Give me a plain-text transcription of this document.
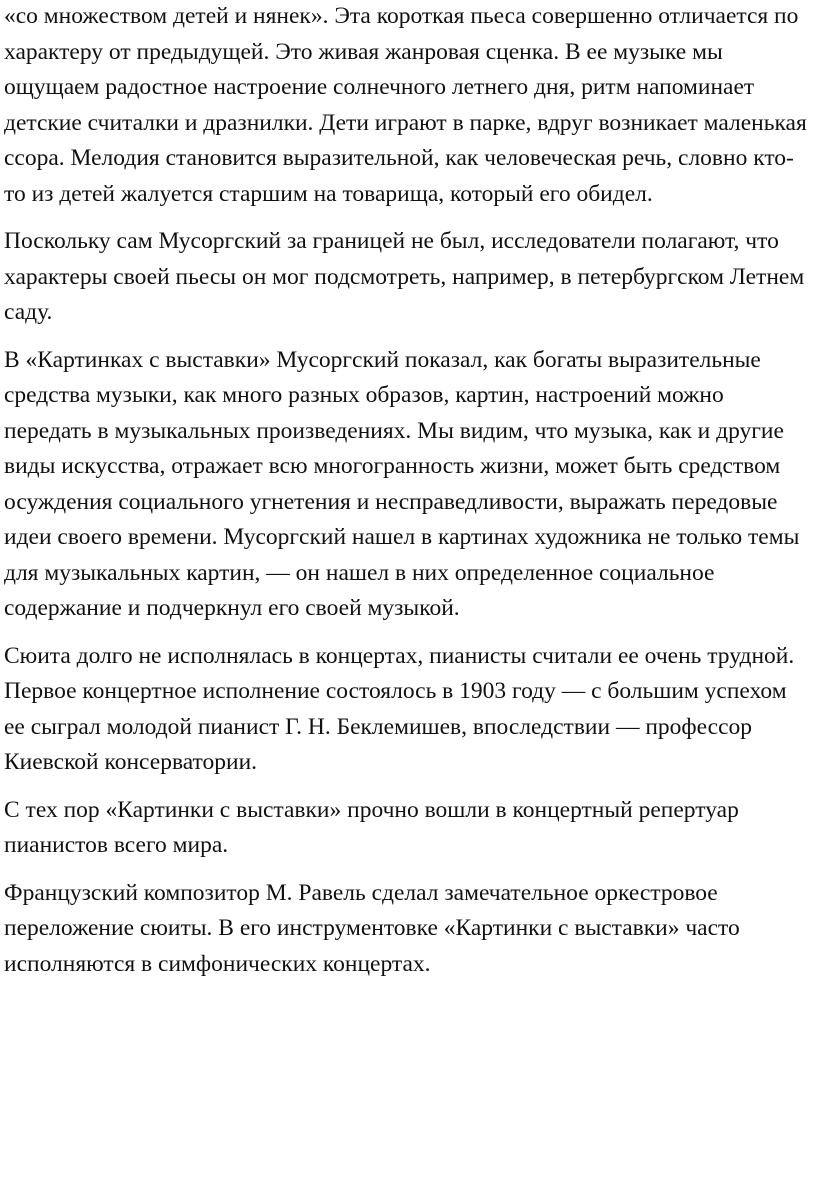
«со множеством детей и нянек». Эта короткая пьеса совершенно отличается по характеру от предыдущей. Это живая жанровая сценка. В ее музыке мы ощущаем радостное настроение солнечного летнего дня, ритм напоминает детские считалки и дразнилки. Дети играют в парке, вдруг возникает маленькая ссора. Мелодия становится выразительной, как человеческая речь, словно кто-то из детей жалуется старшим на товарища, который его обидел.

Поскольку сам Мусоргский за границей не был, исследователи полагают, что характеры своей пьесы он мог подсмотреть, например, в петербургском Летнем саду.

В «Картинках с выставки» Мусоргский показал, как богаты выразительные средства музыки, как много разных образов, картин, настроений можно передать в музыкальных произведениях. Мы видим, что музыка, как и другие виды искусства, отражает всю многогранность жизни, может быть средством осуждения социального угнетения и несправедливости, выражать передовые идеи своего времени. Мусоргский нашел в картинах художника не только темы для музыкальных картин, — он нашел в них определенное социальное содержание и подчеркнул его своей музыкой.

Сюита долго не исполнялась в концертах, пианисты считали ее очень трудной. Первое концертное исполнение состоялось в 1903 году — с большим успехом ее сыграл молодой пианист Г. Н. Беклемишев, впоследствии — профессор Киевской консерватории.

С тех пор «Картинки с выставки» прочно вошли в концертный репертуар пианистов всего мира.

Французский композитор М. Равель сделал замечательное оркестровое переложение сюиты. В его инструментовке «Картинки с выставки» часто исполняются в симфонических концертах.
